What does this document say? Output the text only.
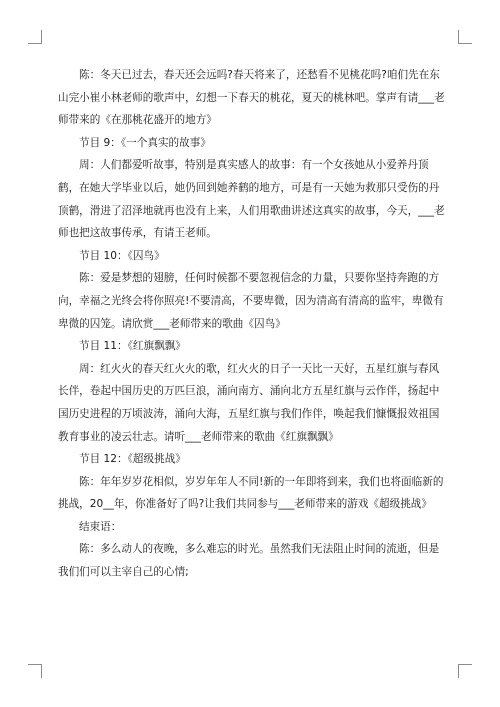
陈：冬天已过去，春天还会远吗?春天将来了，还愁看不见桃花吗?咱们先在东山完小崔小林老师的歌声中，幻想一下春天的桃花，夏天的桃林吧。掌声有请___老师带来的《在那桃花盛开的地方》

节目 9：《一个真实的故事》

周：人们都爱听故事，特别是真实感人的故事：有一个女孩她从小爱养丹顶鹤，在她大学毕业以后，她仍回到她养鹤的地方，可是有一天她为救那只受伤的丹顶鹤，滑进了沼泽地就再也没有上来，人们用歌曲讲述这真实的故事，今天，___老师也把这故事传承，有请王老师。

节目 10：《囚鸟》

陈：爱是梦想的翅膀，任何时候都不要忽视信念的力量，只要你坚持奔跑的方向，幸福之光终会将你照亮!不要清高，不要卑微，因为清高有清高的监牢，卑微有卑微的囚笼。请欣赏___老师带来的歌曲《囚鸟》

节目 11：《红旗飘飘》

周：红火火的春天红火火的歌，红火火的日子一天比一天好，五星红旗与春风长伴，卷起中国历史的万匹巨浪，涌向南方、涌向北方五星红旗与云作伴，扬起中国历史进程的万顷波涛，涌向大海，五星红旗与我们作伴，唤起我们慷慨报效祖国教育事业的凌云壮志。请听___老师带来的歌曲《红旗飘飘》

节目 12：《超级挑战》

陈：年年岁岁花相似，岁岁年年人不同!新的一年即将到来，我们也将面临新的挑战，20__年，你准备好了吗?让我们共同参与___老师带来的游戏《超级挑战》

结束语：

陈：多么动人的夜晚，多么难忘的时光。虽然我们无法阻止时间的流逝，但是我们们可以主宰自己的心情;
